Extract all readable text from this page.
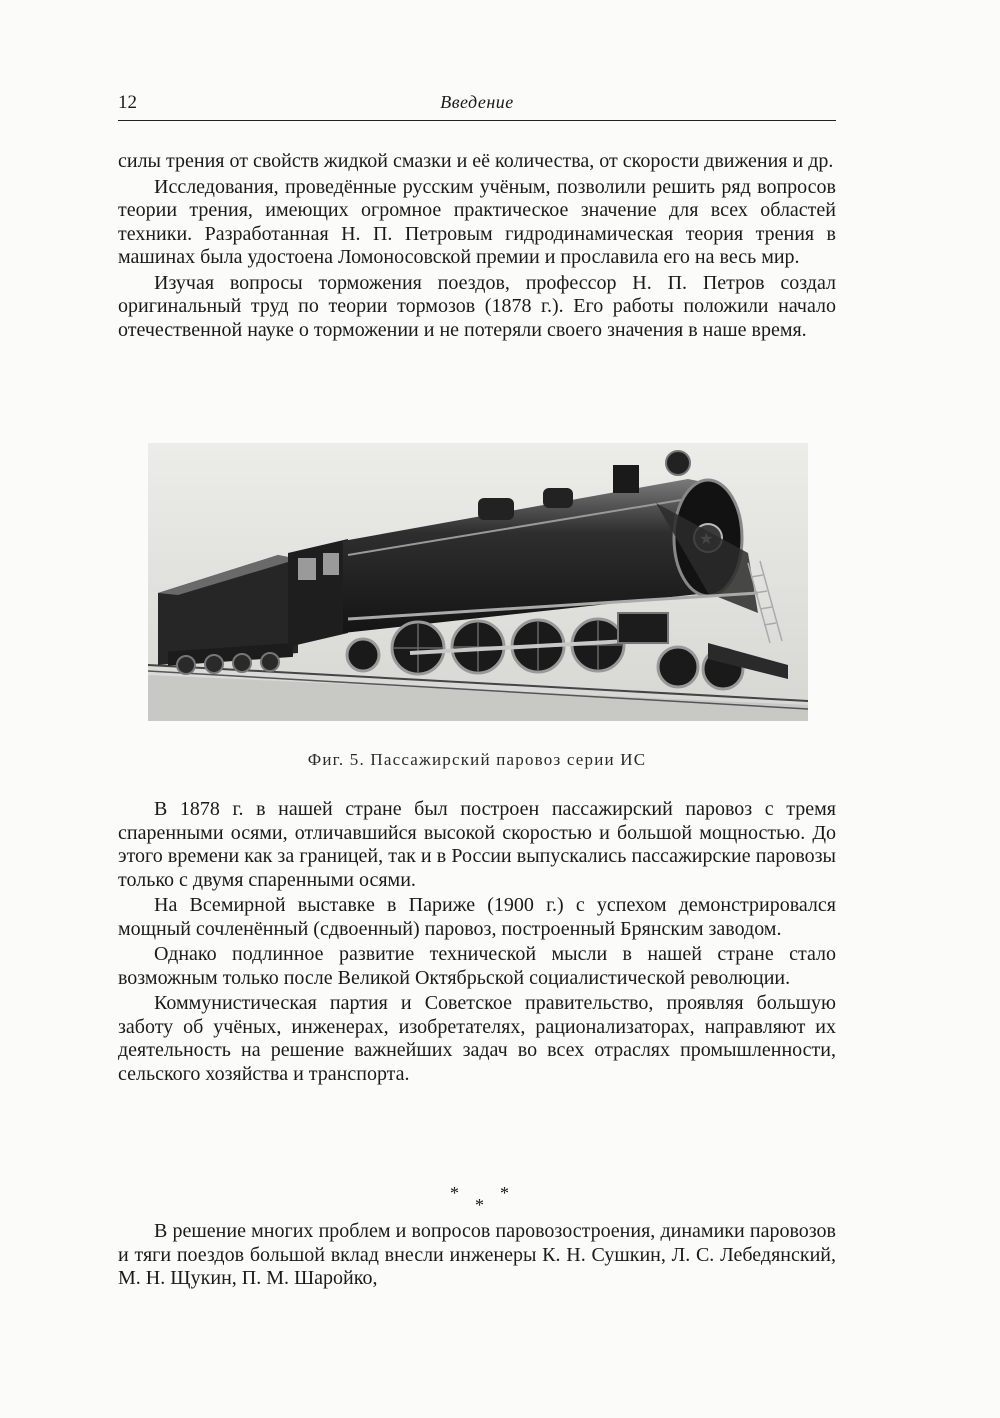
12	Введение

силы трения от свойств жидкой смазки и её количества, от скорости движения и др.

Исследования, проведённые русским учёным, позволили решить ряд вопросов теории трения, имеющих огромное практическое значение для всех областей техники. Разработанная Н. П. Петровым гидродинамическая теория трения в машинах была удостоена Ломоносовской премии и прославила его на весь мир.

Изучая вопросы торможения поездов, профессор Н. П. Петров создал оригинальный труд по теории тормозов (1878 г.). Его работы положили начало отечественной науке о торможении и не потеряли своего значения в наше время.

Фиг. 5. Пассажирский паровоз серии ИС

В 1878 г. в нашей стране был построен пассажирский паровоз с тремя спаренными осями, отличавшийся высокой скоростью и большой мощностью. До этого времени как за границей, так и в России выпускались пассажирские паровозы только с двумя спаренными осями.

На Всемирной выставке в Париже (1900 г.) с успехом демонстрировался мощный сочленённый (сдвоенный) паровоз, построенный Брянским заводом.

Однако подлинное развитие технической мысли в нашей стране стало возможным только после Великой Октябрьской социалистической революции.

Коммунистическая партия и Советское правительство, проявляя большую заботу об учёных, инженерах, изобретателях, рационализаторах, направляют их деятельность на решение важнейших задач во всех отраслях промышленности, сельского хозяйства и транспорта.

* *
*

В решение многих проблем и вопросов паровозостроения, динамики паровозов и тяги поездов большой вклад внесли инженеры К. Н. Сушкин, Л. С. Лебедянский, М. Н. Щукин, П. М. Шаройко,
